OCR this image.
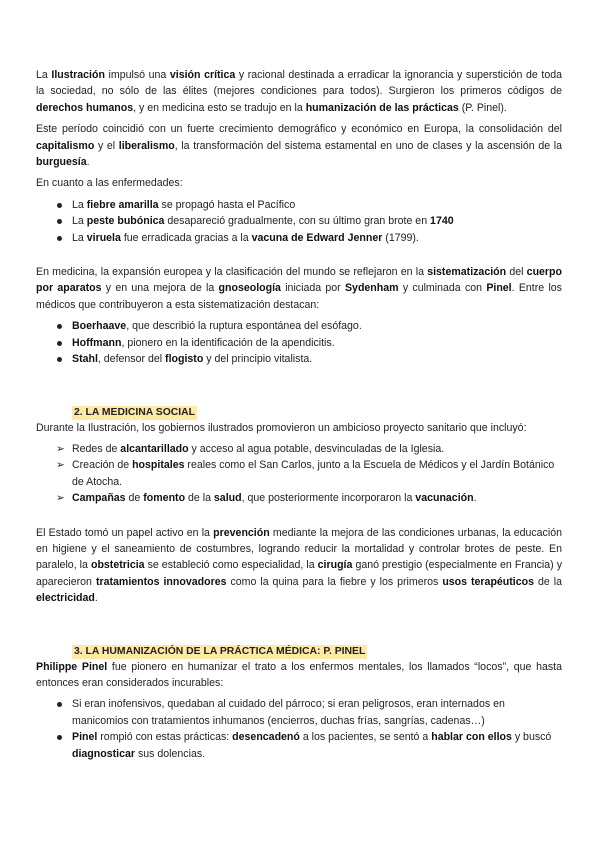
La Ilustración impulsó una visión crítica y racional destinada a erradicar la ignorancia y superstición de toda la sociedad, no sólo de las élites (mejores condiciones para todos). Surgieron los primeros códigos de derechos humanos, y en medicina esto se tradujo en la humanización de las prácticas (P. Pinel).

Este período coincidió con un fuerte crecimiento demográfico y económico en Europa, la consolidación del capitalismo y el liberalismo, la transformación del sistema estamental en uno de clases y la ascensión de la burguesía.

En cuanto a las enfermedades:

La fiebre amarilla se propagó hasta el Pacífico
La peste bubónica desapareció gradualmente, con su último gran brote en 1740
La viruela fue erradicada gracias a la vacuna de Edward Jenner (1799).

En medicina, la expansión europea y la clasificación del mundo se reflejaron en la sistematización del cuerpo por aparatos y en una mejora de la gnoseología iniciada por Sydenham y culminada con Pinel. Entre los médicos que contribuyeron a esta sistematización destacan:

Boerhaave, que describió la ruptura espontánea del esófago.
Hoffmann, pionero en la identificación de la apendicitis.
Stahl, defensor del flogisto y del principio vitalista.
2. LA MEDICINA SOCIAL

Durante la Ilustración, los gobiernos ilustrados promovieron un ambicioso proyecto sanitario que incluyó:

➢ Redes de alcantarillado y acceso al agua potable, desvinculadas de la Iglesia.
➢ Creación de hospitales reales como el San Carlos, junto a la Escuela de Médicos y el Jardín Botánico de Atocha.
➢ Campañas de fomento de la salud, que posteriormente incorporaron la vacunación.

El Estado tomó un papel activo en la prevención mediante la mejora de las condiciones urbanas, la educación en higiene y el saneamiento de costumbres, logrando reducir la mortalidad y controlar brotes de peste. En paralelo, la obstetricia se estableció como especialidad, la cirugía ganó prestigio (especialmente en Francia) y aparecieron tratamientos innovadores como la quina para la fiebre y los primeros usos terapéuticos de la electricidad.

3. LA HUMANIZACIÓN DE LA PRÁCTICA MÉDICA: P. PINEL

Philippe Pinel fue pionero en humanizar el trato a los enfermos mentales, los llamados “locos”, que hasta entonces eran considerados incurables:

Si eran inofensivos, quedaban al cuidado del párroco; si eran peligrosos, eran internados en manicomios con tratamientos inhumanos (encierros, duchas frías, sangrías, cadenas…)
Pinel rompió con estas prácticas: desencadenó a los pacientes, se sentó a hablar con ellos y buscó diagnosticar sus dolencias.
